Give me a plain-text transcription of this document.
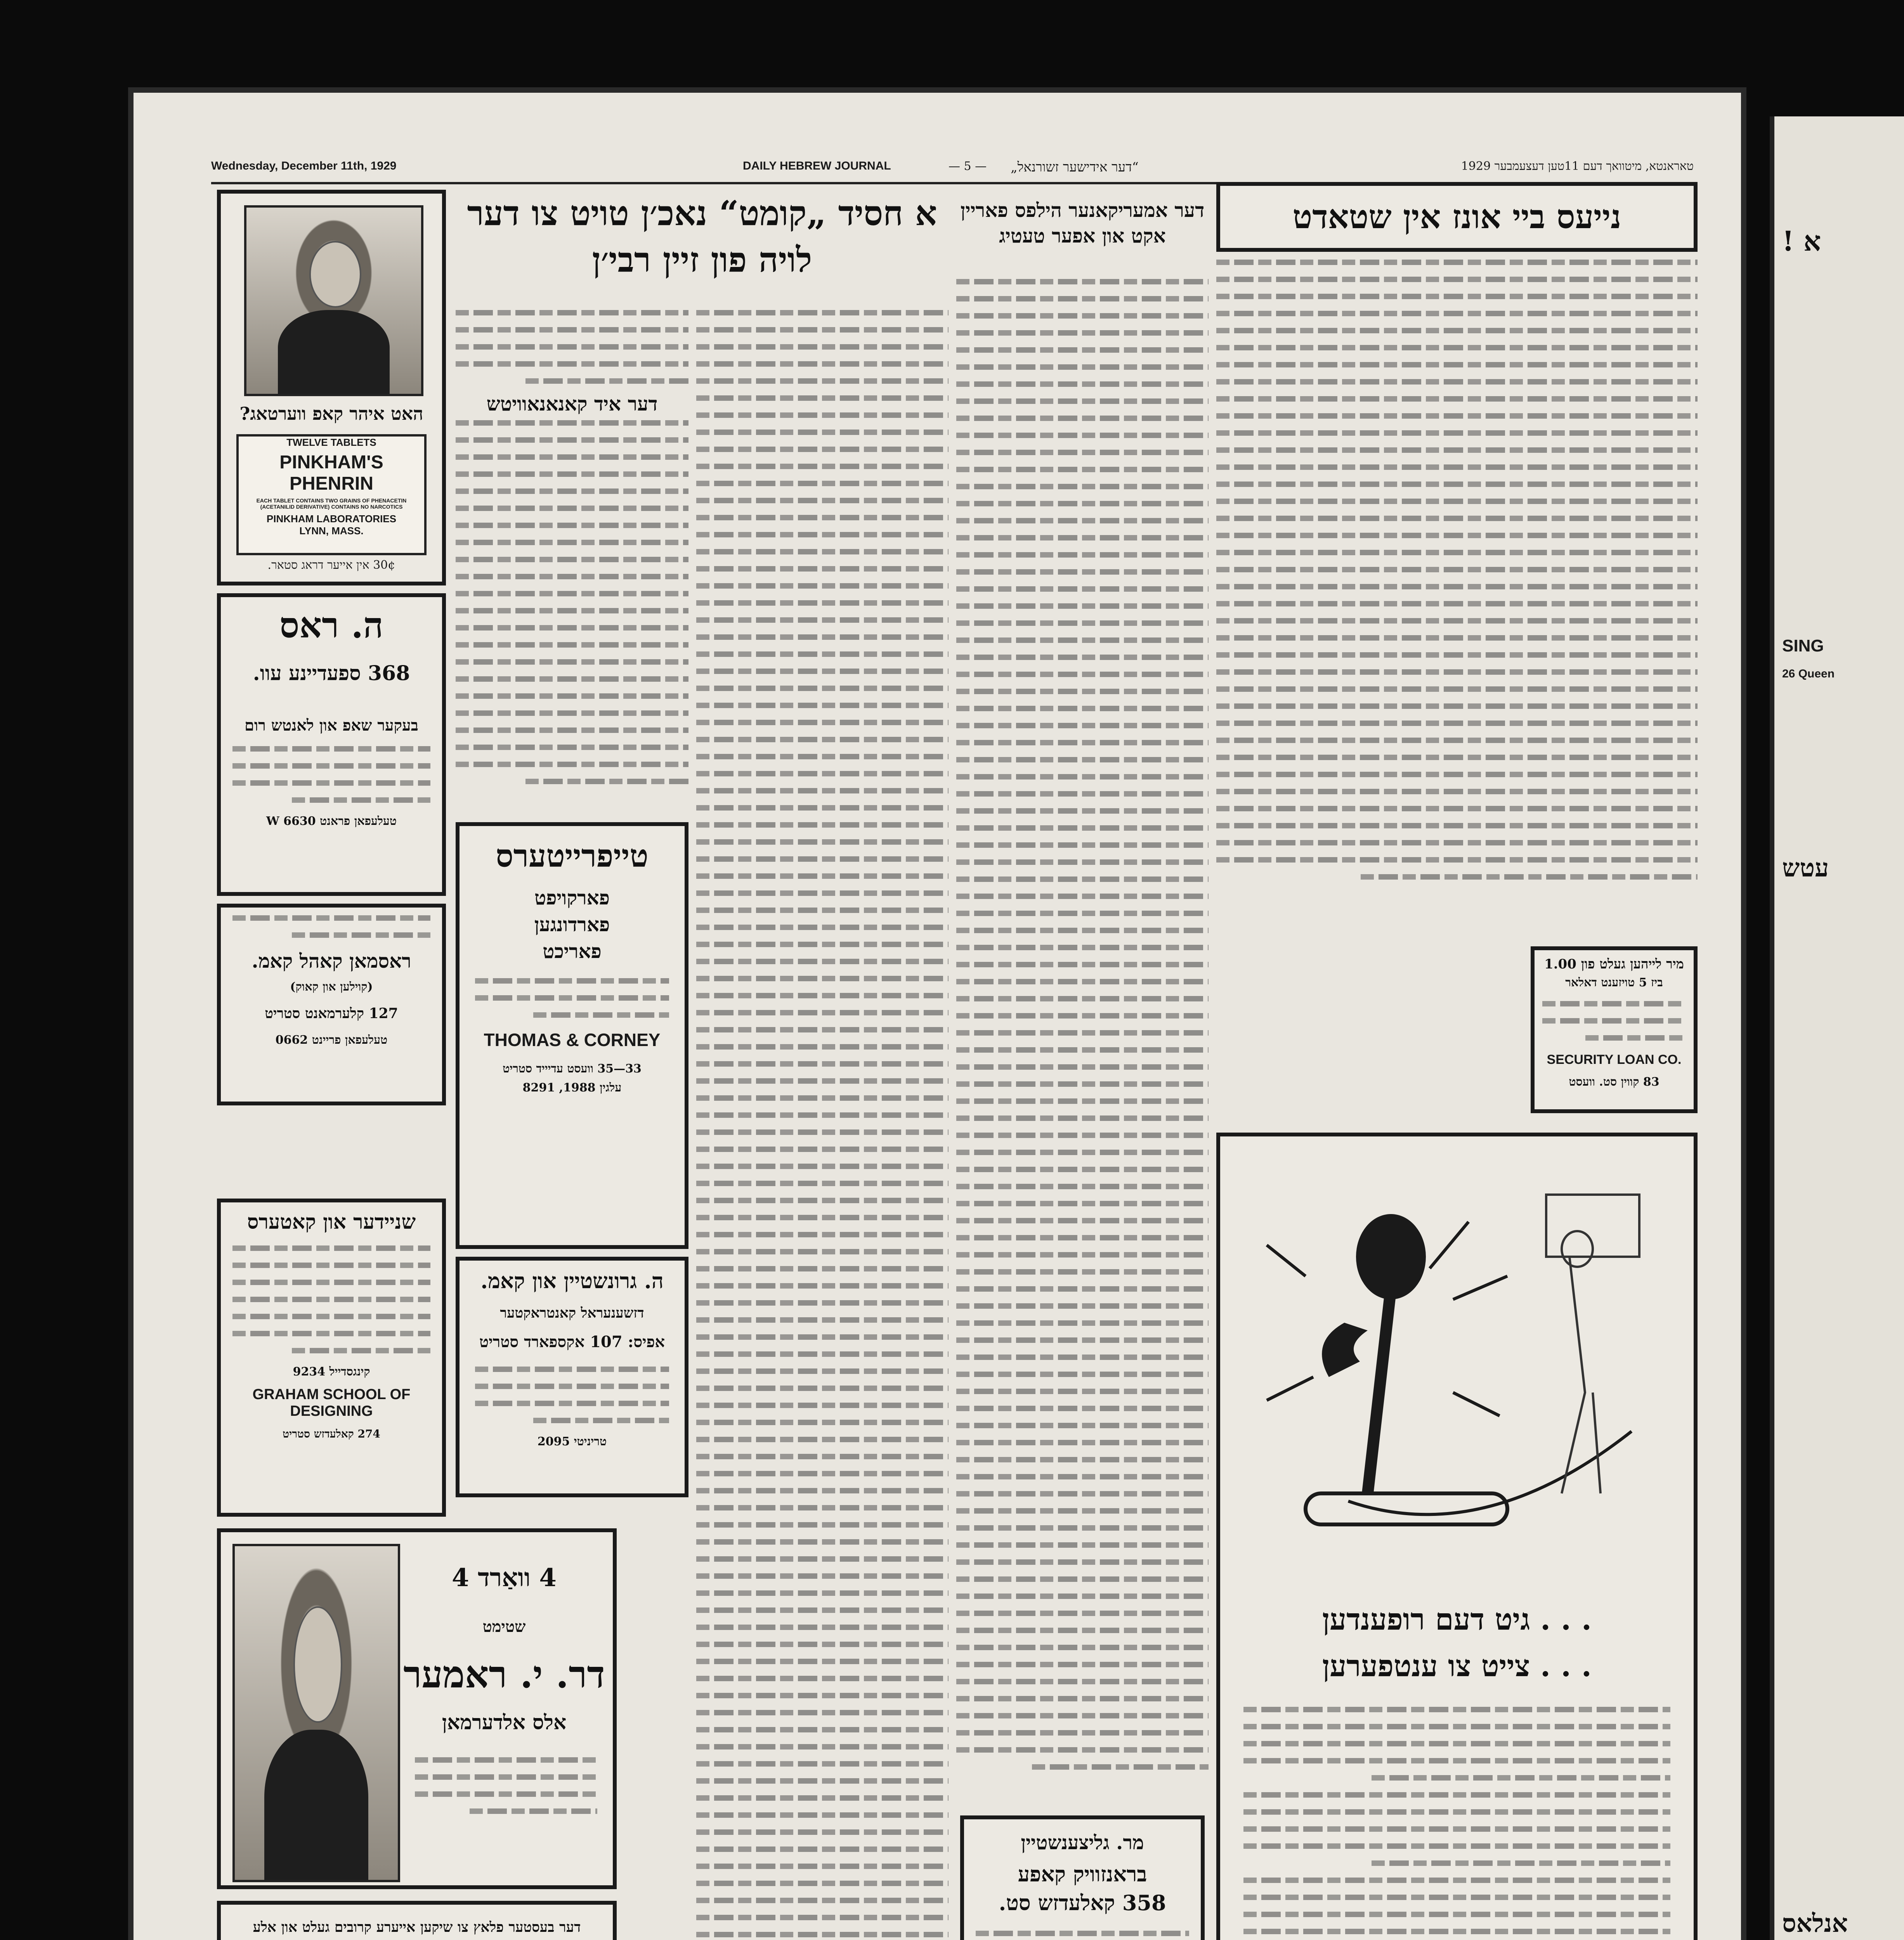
Wednesday, December 11th, 1929	DAILY HEBREW JOURNAL	— 5 — „דער אידישער זשורנאל“	טאראנטא, מיטוואך דעם 11טען דעצעמבער 1929
האט איהר קאפ ווערטאג?
TWELVE TABLETS
PINKHAM'S
PHENRIN
EACH TABLET CONTAINS TWO GRAINS OF PHENACETIN (ACETANILID DERIVATIVE) CONTAINS NO NARCOTICS
PINKHAM LABORATORIES
LYNN, MASS.
30¢ אין אייער דראג סטאר.
ה. ראס
368 ספעדיינע עוו.
בעקער שאפ און לאנטש רום
טעלעפאן פראנט 6630 W
ראסמאן קאהל קאמ.
(קוילען און קאוק)
127 קלערמאנט סטריט
טעלעפאן פריינט 0662
שניידער און קאטערס
קינגסדייל 9234
GRAHAM SCHOOL OF DESIGNING
274 קאלעדזש סטריט
4 וואַרד 4
שטימט
דר. י. ראמער
אלס אלדערמאן
דער בעסטער פלאץ צו שיקען אייערע קרובים געלט און אלע
א חסיד „קומט“ נאכ׳ן טויט צו דער לויה פון זיין רבי׳ן
דער איד קאנאנאוויטש
טייפרייטערס
פארקויפט
פארדונגען
פאריכט
THOMAS & CORNEY
33—35 וועסט עדיייד סטריט
עלגין 1988, 8291
ה. גרונשטיין און קאמ.
דזשענעראל קאנטראקטער
אפיס: 107 אקספארד סטריט
טריניטי 2095
דער אמעריקאנער הילפס פאריין אקט און אפער טעטיג
מר. גליצענשטיין
בראנזוויק קאפע
358 קאלעדזש סט.
נייעס ביי אונז אין שטאדט
מיר לייהען געלט פון 1.00
ביז 5 טויזענט דאלאר
SECURITY LOAN CO.
83 קווין סט. וועסט
. . . גיט דעם רופענדען
. . . צייט צו ענטפערען
א !
SING
26 Queen
עטש
אנלאס
